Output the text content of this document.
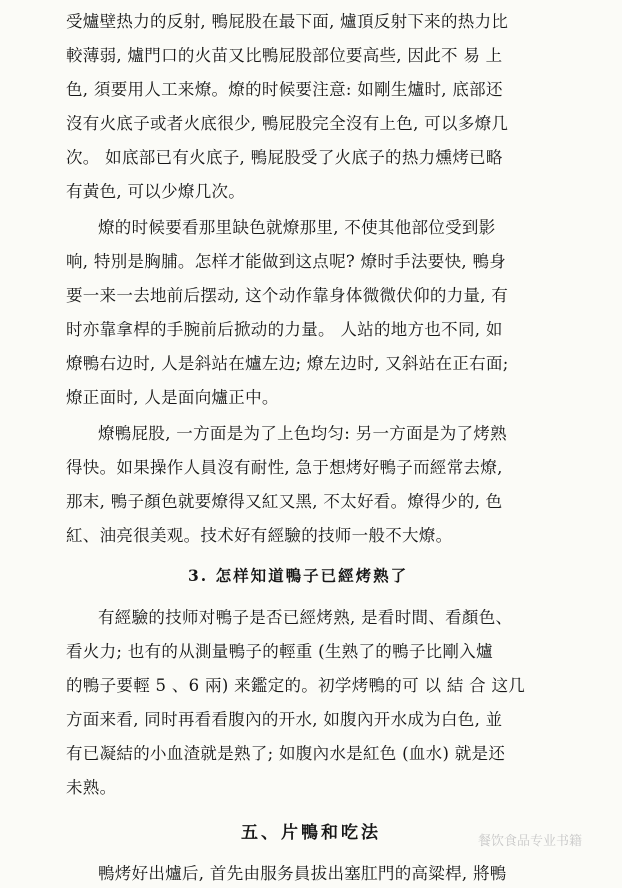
受爐壁热力的反射, 鴨屁股在最下面, 爐頂反射下来的热力比
較薄弱, 爐門口的火苗又比鴨屁股部位要高些, 因此不 易 上
色, 須要用人工来燎。燎的时候要注意: 如剛生爐时, 底部还
沒有火底子或者火底很少, 鴨屁股完全沒有上色, 可以多燎几
次。 如底部已有火底子, 鴨屁股受了火底子的热力燻烤已略
有黃色, 可以少燎几次。
燎的时候要看那里缺色就燎那里, 不使其他部位受到影
响, 特別是胸脯。怎样才能做到这点呢? 燎时手法要快, 鴨身
要一来一去地前后摆动, 这个动作靠身体微微伏仰的力量, 有
时亦靠拿桿的手腕前后掀动的力量。 人站的地方也不同, 如
燎鴨右边时, 人是斜站在爐左边; 燎左边时, 又斜站在正右面;
燎正面时, 人是面向爐正中。
燎鴨屁股, 一方面是为了上色均匀: 另一方面是为了烤熟
得快。如果操作人員沒有耐性, 急于想烤好鴨子而經常去燎,
那末, 鴨子顏色就要燎得又紅又黑, 不太好看。燎得少的, 色
紅、油亮很美观。技术好有經驗的技师一般不大燎。
3. 怎样知道鴨子已經烤熟了
有經驗的技师对鴨子是否已經烤熟, 是看时間、看顏色、
看火力; 也有的从測量鴨子的輕重 (生熟了的鴨子比剛入爐
的鴨子要輕 5 、6 兩) 来鑑定的。初学烤鴨的可 以 結 合 这几
方面来看, 同时再看看腹內的开水, 如腹內开水成为白色, 並
有已凝結的小血渣就是熟了; 如腹內水是紅色 (血水) 就是还
未熟。
五、片鴨和吃法
鴨烤好出爐后, 首先由服务員拔出塞肛門的高粱桿, 將鴨
餐饮食品专业书籍
